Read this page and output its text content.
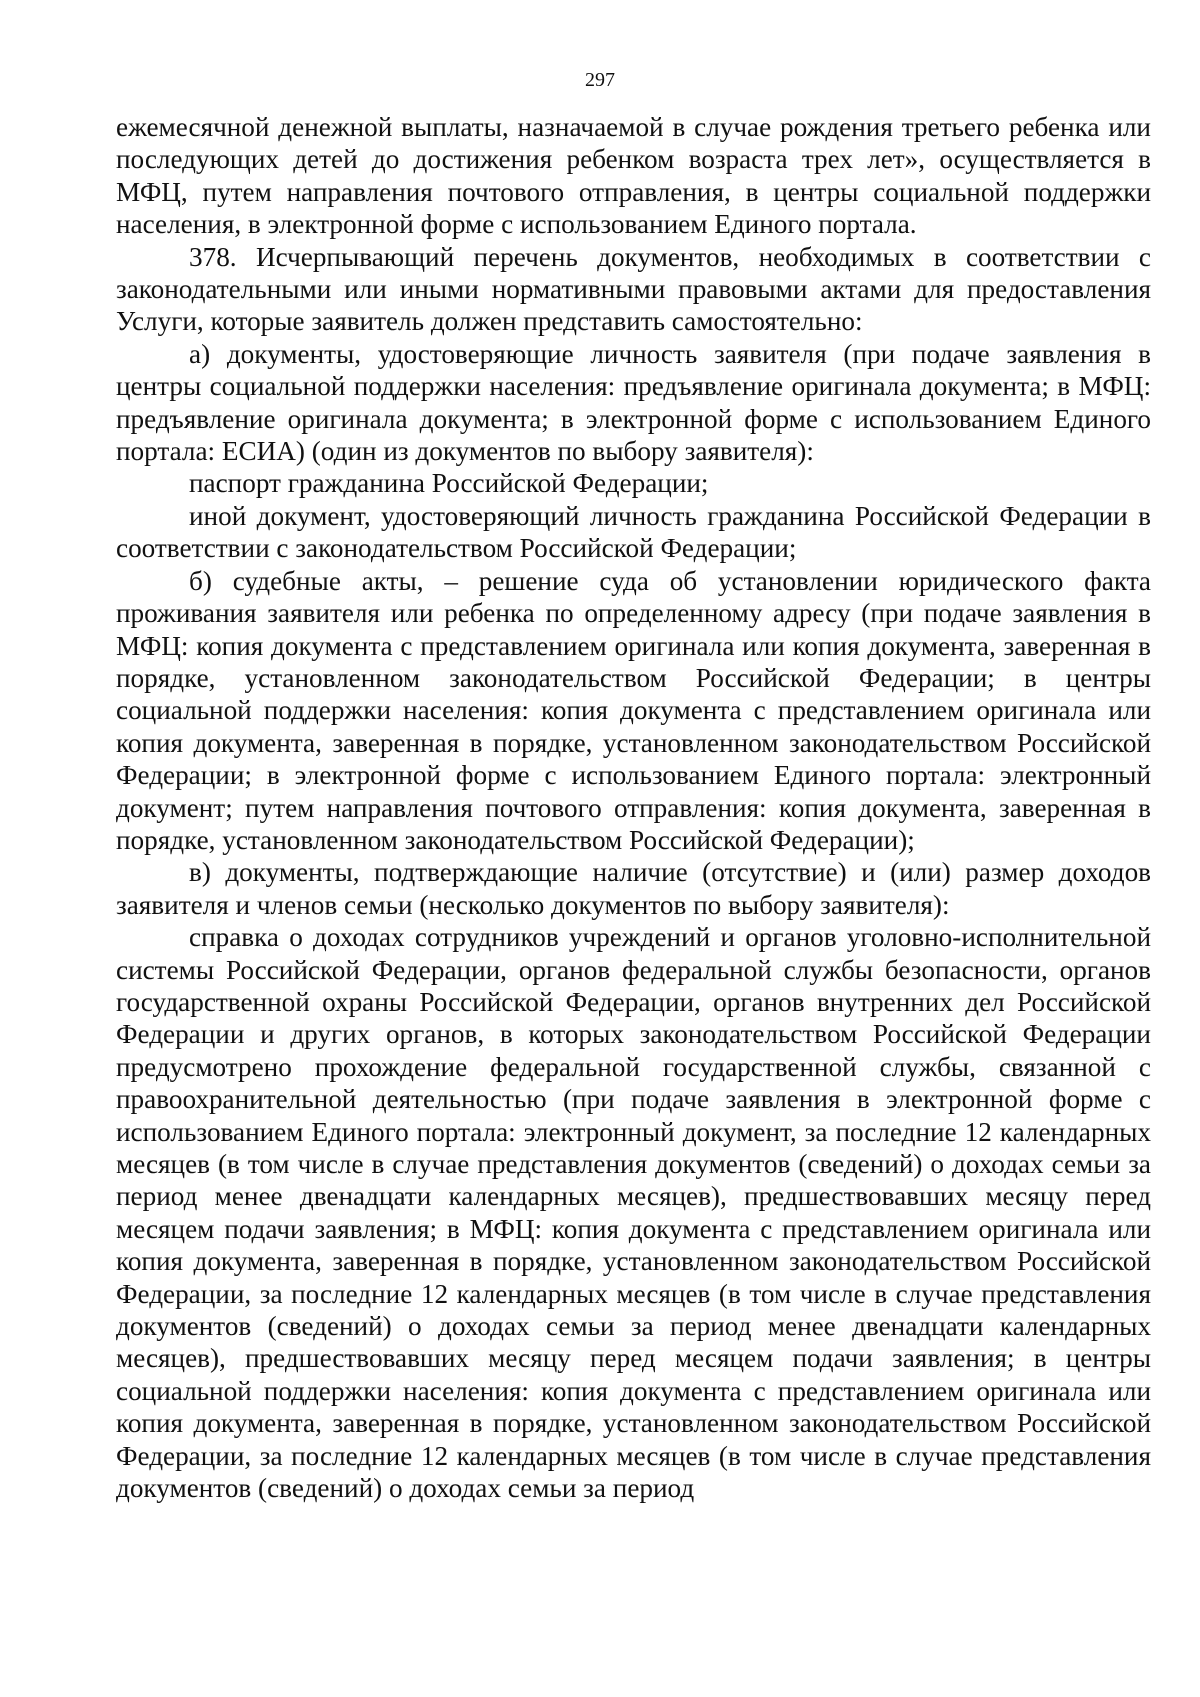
297

ежемесячной денежной выплаты, назначаемой в случае рождения третьего ребенка или последующих детей до достижения ребенком возраста трех лет», осуществляется в МФЦ, путем направления почтового отправления, в центры социальной поддержки населения, в электронной форме с использованием Единого портала.

378. Исчерпывающий перечень документов, необходимых в соответствии с законодательными или иными нормативными правовыми актами для предоставления Услуги, которые заявитель должен представить самостоятельно:

а) документы, удостоверяющие личность заявителя (при подаче заявления в центры социальной поддержки населения: предъявление оригинала документа; в МФЦ: предъявление оригинала документа; в электронной форме с использованием Единого портала: ЕСИА) (один из документов по выбору заявителя):

паспорт гражданина Российской Федерации;

иной документ, удостоверяющий личность гражданина Российской Федерации в соответствии с законодательством Российской Федерации;

б) судебные акты, – решение суда об установлении юридического факта проживания заявителя или ребенка по определенному адресу (при подаче заявления в МФЦ: копия документа с представлением оригинала или копия документа, заверенная в порядке, установленном законодательством Российской Федерации; в центры социальной поддержки населения: копия документа с представлением оригинала или копия документа, заверенная в порядке, установленном законодательством Российской Федерации; в электронной форме с использованием Единого портала: электронный документ; путем направления почтового отправления: копия документа, заверенная в порядке, установленном законодательством Российской Федерации);

в) документы, подтверждающие наличие (отсутствие) и (или) размер доходов заявителя и членов семьи (несколько документов по выбору заявителя):

справка о доходах сотрудников учреждений и органов уголовно-исполнительной системы Российской Федерации, органов федеральной службы безопасности, органов государственной охраны Российской Федерации, органов внутренних дел Российской Федерации и других органов, в которых законодательством Российской Федерации предусмотрено прохождение федеральной государственной службы, связанной с правоохранительной деятельностью (при подаче заявления в электронной форме с использованием Единого портала: электронный документ, за последние 12 календарных месяцев (в том числе в случае представления документов (сведений) о доходах семьи за период менее двенадцати календарных месяцев), предшествовавших месяцу перед месяцем подачи заявления; в МФЦ: копия документа с представлением оригинала или копия документа, заверенная в порядке, установленном законодательством Российской Федерации, за последние 12 календарных месяцев (в том числе в случае представления документов (сведений) о доходах семьи за период менее двенадцати календарных месяцев), предшествовавших месяцу перед месяцем подачи заявления; в центры социальной поддержки населения: копия документа с представлением оригинала или копия документа, заверенная в порядке, установленном законодательством Российской Федерации, за последние 12 календарных месяцев (в том числе в случае представления документов (сведений) о доходах семьи за период
